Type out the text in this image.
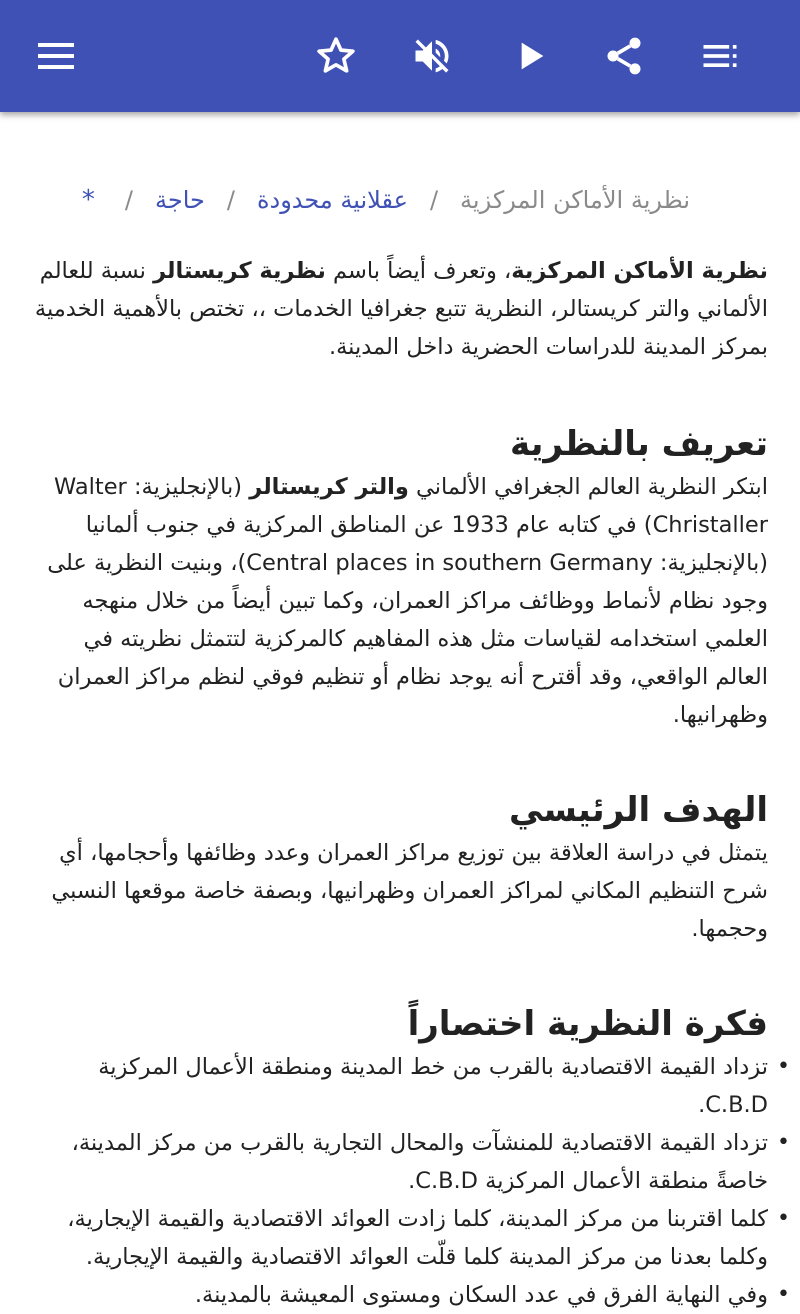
نظرية الأماكن المركزية/عقلانية محدودة/حاجة/*

نظرية الأماكن المركزية، وتعرف أيضاً باسم نظرية كريستالر نسبة للعالم الألماني والتر كريستالر، النظرية تتبع جغرافيا الخدمات ،، تختص بالأهمية الخدمية بمركز المدينة للدراسات الحضرية داخل المدينة.

تعريف بالنظرية

ابتكر النظرية العالم الجغرافي الألماني والتر كريستالر (بالإنجليزية: Walter Christaller) في كتابه عام 1933 عن المناطق المركزية في جنوب ألمانيا (بالإنجليزية: Central places in southern Germany)، وبنيت النظرية على وجود نظام لأنماط ووظائف مراكز العمران، وكما تبين أيضاً من خلال منهجه العلمي استخدامه لقياسات مثل هذه المفاهيم كالمركزية لتتمثل نظريته في العالم الواقعي، وقد أقترح أنه يوجد نظام أو تنظيم فوقي لنظم مراكز العمران وظهرانيها.

الهدف الرئيسي

يتمثل في دراسة العلاقة بين توزيع مراكز العمران وعدد وظائفها وأحجامها، أي شرح التنظيم المكاني لمراكز العمران وظهرانيها، وبصفة خاصة موقعها النسبي وحجمها.

فكرة النظرية اختصاراً
• تزداد القيمة الاقتصادية بالقرب من خط المدينة ومنطقة الأعمال المركزية C.B.D.
• تزداد القيمة الاقتصادية للمنشآت والمحال التجارية بالقرب من مركز المدينة، خاصةً منطقة الأعمال المركزية C.B.D.
• كلما اقتربنا من مركز المدينة، كلما زادت العوائد الاقتصادية والقيمة الإيجارية، وكلما بعدنا من مركز المدينة كلما قلّت العوائد الاقتصادية والقيمة الإيجارية.
• وفي النهاية الفرق في عدد السكان ومستوى المعيشة بالمدينة.
